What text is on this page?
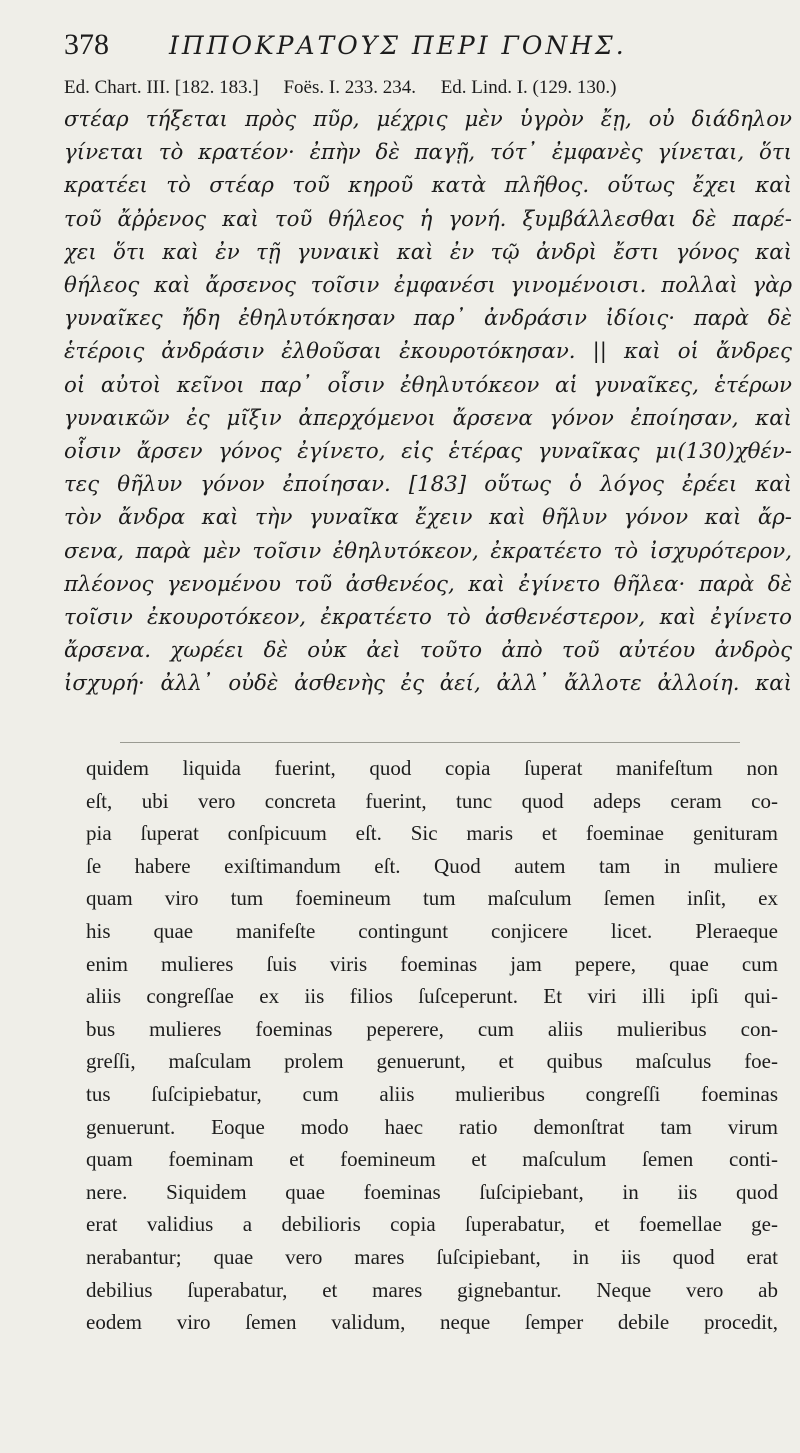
378 ΙΠΠΟΚΡΑΤΟΥΣ ΠΕΡΙ ΓΟΝΗΣ.
Ed. Chart. III. [182. 183.] Foës. I. 233. 234. Ed. Lind. I. (129. 130.)
στέαρ τήξεται πρὸς πῦρ, μέχρις μὲν ὑγρὸν ἔῃ, οὐ διάδηλον
γίνεται τὸ κρατέον· ἐπὴν δὲ παγῇ, τότ᾽ ἐμφανὲς γίνεται, ὅτι
κρατέει τὸ στέαρ τοῦ κηροῦ κατὰ πλῆθος. οὕτως ἔχει καὶ
τοῦ ἄῤῥενος καὶ τοῦ θήλεος ἡ γονή. ξυμβάλλεσθαι δὲ παρέ-
χει ὅτι καὶ ἐν τῇ γυναικὶ καὶ ἐν τῷ ἀνδρὶ ἔστι γόνος καὶ
θήλεος καὶ ἄρσενος τοῖσιν ἐμφανέσι γινομένοισι. πολλαὶ γὰρ
γυναῖκες ἤδη ἐθηλυτόκησαν παρ᾽ ἀνδράσιν ἰδίοις· παρὰ δὲ
ἑτέροις ἀνδράσιν ἐλθοῦσαι ἐκουροτόκησαν. || καὶ οἱ ἄνδρες
οἱ αὐτοὶ κεῖνοι παρ᾽ οἷσιν ἐθηλυτόκεον αἱ γυναῖκες, ἑτέρων
γυναικῶν ἐς μῖξιν ἀπερχόμενοι ἄρσενα γόνον ἐποίησαν, καὶ
οἷσιν ἄρσεν γόνος ἐγίνετο, εἰς ἑτέρας γυναῖκας μι(130)χθέν-
τες θῆλυν γόνον ἐποίησαν. [183] οὕτως ὁ λόγος ἐρέει καὶ
τὸν ἄνδρα καὶ τὴν γυναῖκα ἔχειν καὶ θῆλυν γόνον καὶ ἄρ-
σενα, παρὰ μὲν τοῖσιν ἐθηλυτόκεον, ἐκρατέετο τὸ ἰσχυρότερον,
πλέονος γενομένου τοῦ ἀσθενέος, καὶ ἐγίνετο θῆλεα· παρὰ δὲ
τοῖσιν ἐκουροτόκεον, ἐκρατέετο τὸ ἀσθενέστερον, καὶ ἐγίνετο
ἄρσενα. χωρέει δὲ οὐκ ἀεὶ τοῦτο ἀπὸ τοῦ αὐτέου ἀνδρὸς
ἰσχυρή· ἀλλ᾽ οὐδὲ ἀσθενὴς ἐς ἀεί, ἀλλ᾽ ἄλλοτε ἀλλοίη. καὶ
quidem liquida fuerint, quod copia ſuperat manifeſtum non
eſt, ubi vero concreta fuerint, tunc quod adeps ceram co-
pia ſuperat conſpicuum eſt. Sic maris et foeminae genituram
ſe habere exiſtimandum eſt. Quod autem tam in muliere
quam viro tum foemineum tum maſculum ſemen inſit, ex
his quae manifeſte contingunt conjicere licet. Pleraeque
enim mulieres ſuis viris foeminas jam pepere, quae cum
aliis congreſſae ex iis filios ſuſceperunt. Et viri illi ipſi qui-
bus mulieres foeminas peperere, cum aliis mulieribus con-
greſſi, maſculam prolem genuerunt, et quibus maſculus foe-
tus ſuſcipiebatur, cum aliis mulieribus congreſſi foeminas
genuerunt. Eoque modo haec ratio demonſtrat tam virum
quam foeminam et foemineum et maſculum ſemen conti-
nere. Siquidem quae foeminas ſuſcipiebant, in iis quod
erat validius a debilioris copia ſuperabatur, et foemellae ge-
nerabantur; quae vero mares ſuſcipiebant, in iis quod erat
debilius ſuperabatur, et mares gignebantur. Neque vero ab
eodem viro ſemen validum, neque ſemper debile procedit,
